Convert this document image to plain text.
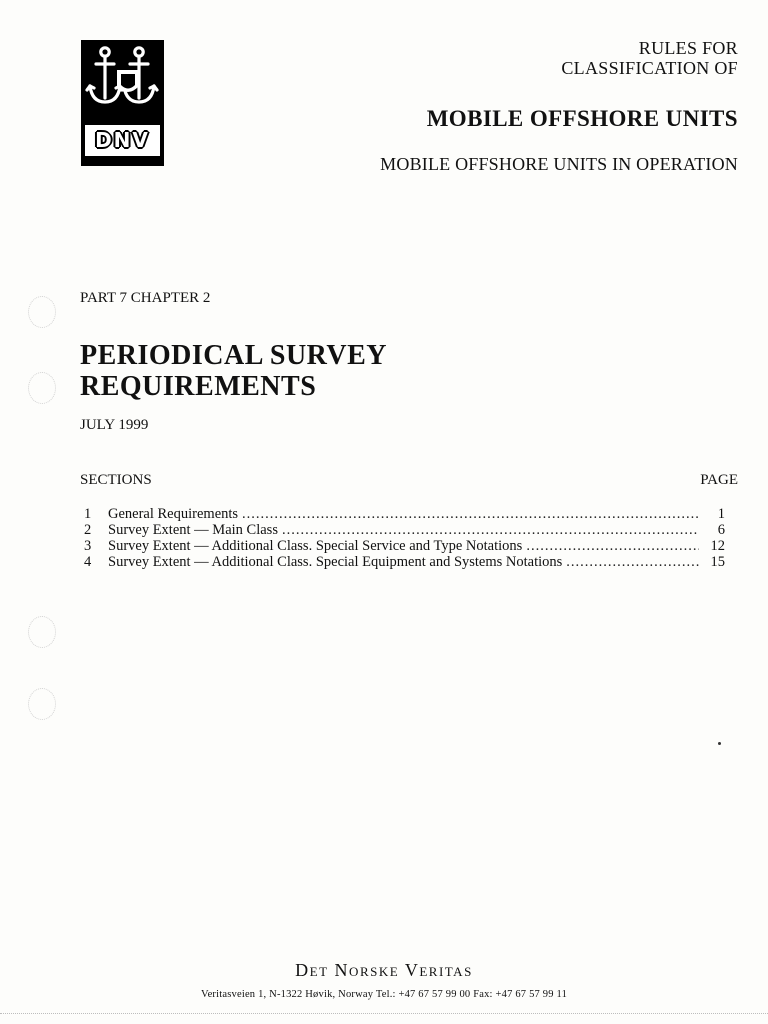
DNV
RULES FOR
CLASSIFICATION OF
MOBILE OFFSHORE UNITS
MOBILE OFFSHORE UNITS IN OPERATION
PART 7 CHAPTER 2
PERIODICAL SURVEY
REQUIREMENTS
JULY 1999
SECTIONS	PAGE
1	General Requirements .....	1
2	Survey Extent — Main Class .....	6
3	Survey Extent — Additional Class. Special Service and Type Notations .....	12
4	Survey Extent — Additional Class. Special Equipment and Systems Notations .....	15
Det Norske Veritas
Veritasveien 1, N-1322 Høvik, Norway Tel.: +47 67 57 99 00 Fax: +47 67 57 99 11
